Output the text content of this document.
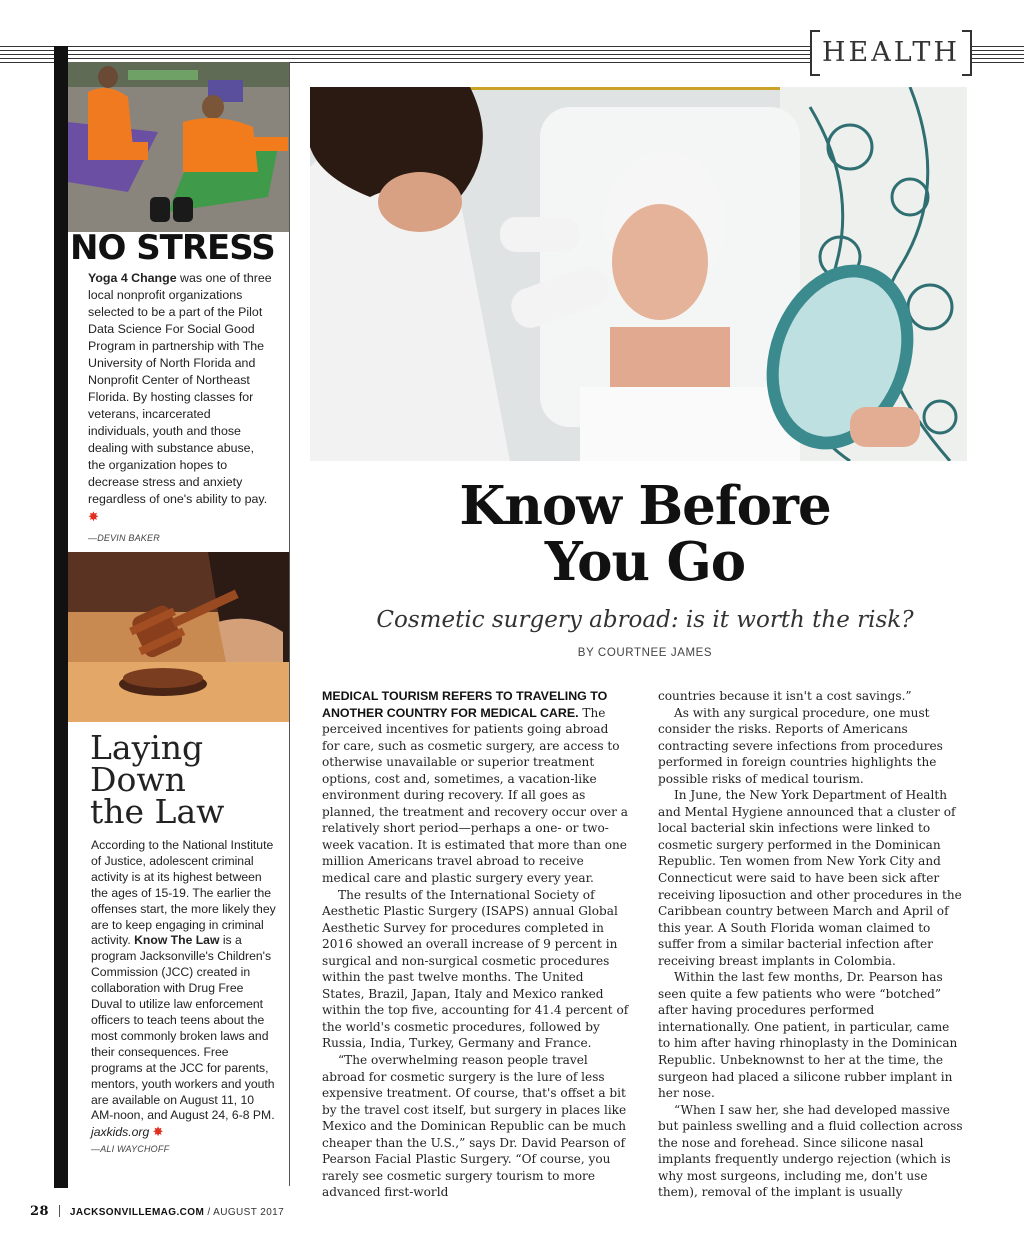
HEALTH
NO STRESS
Yoga 4 Change was one of three local nonprofit organizations selected to be a part of the Pilot Data Science For Social Good Program in partnership with The University of North Florida and Nonprofit Center of Northeast Florida. By hosting classes for veterans, incarcerated individuals, youth and those dealing with substance abuse, the organization hopes to decrease stress and anxiety regardless of one's ability to pay. ✸
—DEVIN BAKER
Laying
Down
the Law
According to the National Institute of Justice, adolescent criminal activity is at its highest between the ages of 15-19. The earlier the offenses start, the more likely they are to keep engaging in criminal activity. Know The Law is a program Jacksonville's Children's Commission (JCC) created in collaboration with Drug Free Duval to utilize law enforcement officers to teach teens about the most commonly broken laws and their consequences. Free programs at the JCC for parents, mentors, youth workers and youth are available on August 11, 10 AM-noon, and August 24, 6-8 PM. jaxkids.org ✸
—ALI WAYCHOFF
Know Before
You Go
Cosmetic surgery abroad: is it worth the risk?
BY COURTNEE JAMES

MEDICAL TOURISM REFERS TO TRAVELING TO ANOTHER COUNTRY FOR MEDICAL CARE. The perceived incentives for patients going abroad for care, such as cosmetic surgery, are access to otherwise unavailable or superior treatment options, cost and, sometimes, a vacation-like environment during recovery. If all goes as planned, the treatment and recovery occur over a relatively short period—perhaps a one- or two-week vacation. It is estimated that more than one million Americans travel abroad to receive medical care and plastic surgery every year.

The results of the International Society of Aesthetic Plastic Surgery (ISAPS) annual Global Aesthetic Survey for procedures completed in 2016 showed an overall increase of 9 percent in surgical and non-surgical cosmetic procedures within the past twelve months. The United States, Brazil, Japan, Italy and Mexico ranked within the top five, accounting for 41.4 percent of the world's cosmetic procedures, followed by Russia, India, Turkey, Germany and France.

“The overwhelming reason people travel abroad for cosmetic surgery is the lure of less expensive treatment. Of course, that's offset a bit by the travel cost itself, but surgery in places like Mexico and the Dominican Republic can be much cheaper than the U.S.,” says Dr. David Pearson of Pearson Facial Plastic Surgery. “Of course, you rarely see cosmetic surgery tourism to more advanced first-world

countries because it isn't a cost savings.”

As with any surgical procedure, one must consider the risks. Reports of Americans contracting severe infections from procedures performed in foreign countries highlights the possible risks of medical tourism.

In June, the New York Department of Health and Mental Hygiene announced that a cluster of local bacterial skin infections were linked to cosmetic surgery performed in the Dominican Republic. Ten women from New York City and Connecticut were said to have been sick after receiving liposuction and other procedures in the Caribbean country between March and April of this year. A South Florida woman claimed to suffer from a similar bacterial infection after receiving breast implants in Colombia.

Within the last few months, Dr. Pearson has seen quite a few patients who were “botched” after having procedures performed internationally. One patient, in particular, came to him after having rhinoplasty in the Dominican Republic. Unbeknownst to her at the time, the surgeon had placed a silicone rubber implant in her nose.

“When I saw her, she had developed massive but painless swelling and a fluid collection across the nose and forehead. Since silicone nasal implants frequently undergo rejection (which is why most surgeons, including me, don't use them), removal of the implant is usually

28 JACKSONVILLEMAG.COM / AUGUST 2017
